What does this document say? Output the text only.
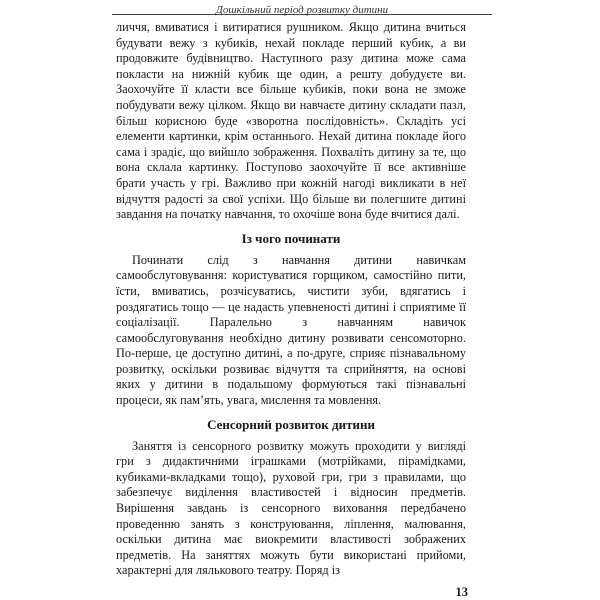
Дошкільний період розвитку дитини

личчя, вмиватися і витиратися рушником. Якщо дитина вчиться будувати вежу з кубиків, нехай покладе перший кубик, а ви продовжите будівництво. Наступного разу дитина може сама покласти на нижній кубик ще один, а решту добудуєте ви. Заохочуйте її класти все більше кубиків, поки вона не зможе побудувати вежу цілком. Якщо ви навчаєте дитину складати пазл, більш корисною буде «зворотна послідовність». Складіть усі елементи картинки, крім останнього. Нехай дитина покладе його сама і зрадіє, що вийшло зображення. Похваліть дитину за те, що вона склала картинку. Поступово заохочуйте її все активніше брати участь у грі. Важливо при кожній нагоді викликати в неї відчуття радості за свої успіхи. Що більше ви полегшите дитині завдання на початку навчання, то охочіше вона буде вчитися далі.

Із чого починати

Починати слід з навчання дитини навичкам самообслуговування: користуватися горщиком, самостійно пити, їсти, вмиватись, розчісуватись, чистити зуби, вдягатись і роздягатись тощо — це надасть упевненості дитині і сприятиме її соціалізації. Паралельно з навчанням навичок самообслуговування необхідно дитину розвивати сенсомоторно. По-перше, це доступно дитині, а по-друге, сприяє пізнавальному розвитку, оскільки розвиває відчуття та сприйняття, на основі яких у дитини в подальшому формуються такі пізнавальні процеси, як пам’ять, увага, мислення та мовлення.

Сенсорний розвиток дитини

Заняття із сенсорного розвитку можуть проходити у вигляді гри з дидактичними іграшками (мотрійками, пірамідками, кубиками-вкладками тощо), руховой гри, гри з правилами, що забезпечує виділення властивостей і відносин предметів. Вирішення завдань із сенсорного виховання передбачено проведенню занять з конструювання, ліплення, малювання, оскільки дитина має виокремити властивості зображених предметів. На заняттях можуть бути використані прийоми, характерні для лялькового театру. Поряд із

13
